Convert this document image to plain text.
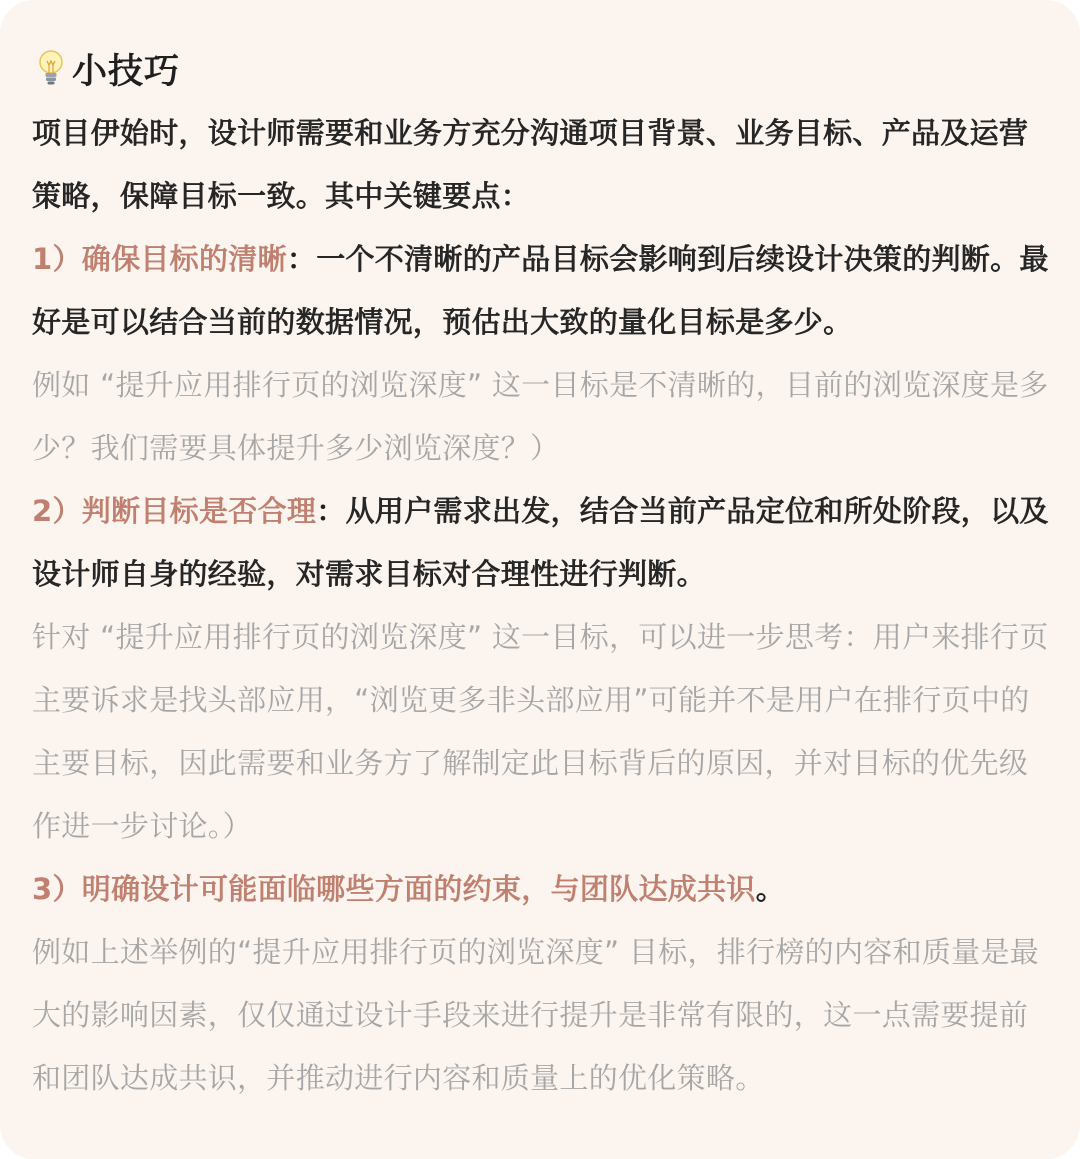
小技巧

项目伊始时，设计师需要和业务方充分沟通项目背景、业务目标、产品及运营策略，保障目标一致。其中关键要点：

1）确保目标的清晰：一个不清晰的产品目标会影响到后续设计决策的判断。最好是可以结合当前的数据情况，预估出大致的量化目标是多少。

例如 “提升应用排行页的浏览深度” 这一目标是不清晰的，目前的浏览深度是多少？我们需要具体提升多少浏览深度？）

2）判断目标是否合理：从用户需求出发，结合当前产品定位和所处阶段，以及设计师自身的经验，对需求目标对合理性进行判断。

针对 “提升应用排行页的浏览深度” 这一目标，可以进一步思考：用户来排行页主要诉求是找头部应用，“浏览更多非头部应用”可能并不是用户在排行页中的主要目标，因此需要和业务方了解制定此目标背后的原因，并对目标的优先级作进一步讨论。）

3）明确设计可能面临哪些方面的约束，与团队达成共识。

例如上述举例的“提升应用排行页的浏览深度” 目标，排行榜的内容和质量是最大的影响因素，仅仅通过设计手段来进行提升是非常有限的，这一点需要提前和团队达成共识，并推动进行内容和质量上的优化策略。
